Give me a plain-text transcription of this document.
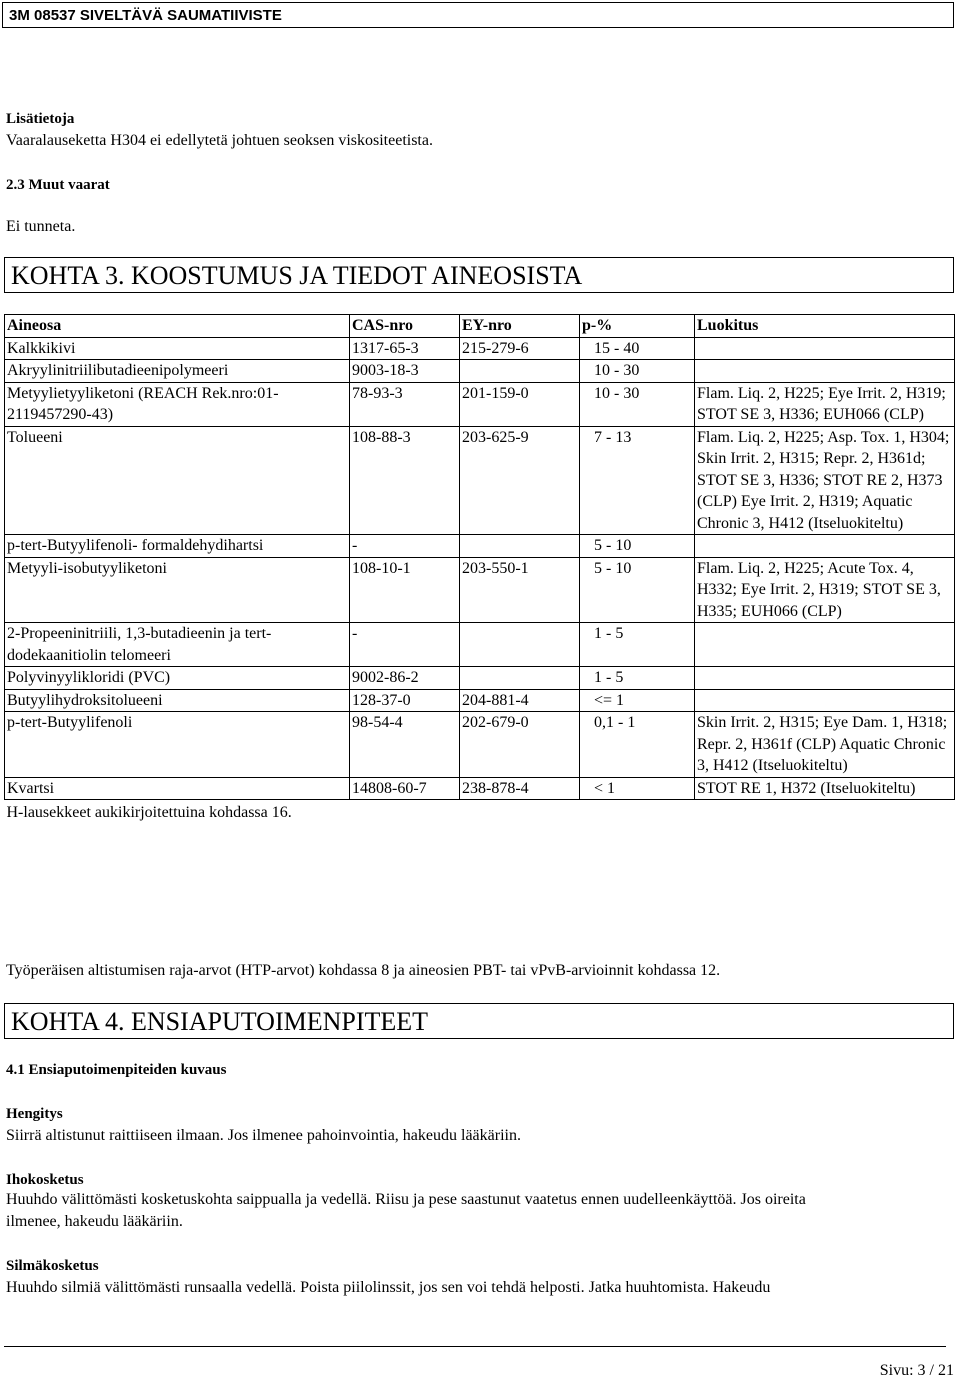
3M 08537 SIVELTÄVÄ SAUMATIIVISTE
Lisätietoja
Vaaralauseketta H304 ei edellytetä johtuen seoksen viskositeetista.
2.3 Muut vaarat
Ei tunneta.
KOHTA 3. KOOSTUMUS JA TIEDOT AINEOSISTA
Aineosa	CAS-nro	EY-nro	p-%	Luokitus
Kalkkikivi	1317-65-3	215-279-6	15 - 40	
Akryylinitriilibutadieenipolymeeri	9003-18-3		10 - 30	
Metyylietyyliketoni (REACH Rek.nro:01-2119457290-43)	78-93-3	201-159-0	10 - 30	Flam. Liq. 2, H225; Eye Irrit. 2, H319; STOT SE 3, H336; EUH066 (CLP)
Tolueeni	108-88-3	203-625-9	7 - 13	Flam. Liq. 2, H225; Asp. Tox. 1, H304; Skin Irrit. 2, H315; Repr. 2, H361d; STOT SE 3, H336; STOT RE 2, H373 (CLP) Eye Irrit. 2, H319; Aquatic Chronic 3, H412 (Itseluokiteltu)
p-tert-Butyylifenoli- formaldehydihartsi	-		5 - 10	
Metyyli-isobutyyliketoni	108-10-1	203-550-1	5 - 10	Flam. Liq. 2, H225; Acute Tox. 4, H332; Eye Irrit. 2, H319; STOT SE 3, H335; EUH066 (CLP)
2-Propeeninitriili, 1,3-butadieenin ja tert-dodekaanitiolin telomeeri	-		1 - 5	
Polyvinyylikloridi (PVC)	9002-86-2		1 - 5	
Butyylihydroksitolueeni	128-37-0	204-881-4	<= 1	
p-tert-Butyylifenoli	98-54-4	202-679-0	0,1 - 1	Skin Irrit. 2, H315; Eye Dam. 1, H318; Repr. 2, H361f (CLP) Aquatic Chronic 3, H412 (Itseluokiteltu)
Kvartsi	14808-60-7	238-878-4	< 1	STOT RE 1, H372 (Itseluokiteltu)
H-lausekkeet aukikirjoitettuina kohdassa 16.				
Työperäisen altistumisen raja-arvot (HTP-arvot) kohdassa 8 ja aineosien PBT- tai vPvB-arvioinnit kohdassa 12.
KOHTA 4. ENSIAPUTOIMENPITEET
4.1 Ensiaputoimenpiteiden kuvaus
Hengitys
Siirrä altistunut raittiiseen ilmaan. Jos ilmenee pahoinvointia, hakeudu lääkäriin.
Ihokosketus
Huuhdo välittömästi kosketuskohta saippualla ja vedellä. Riisu ja pese saastunut vaatetus ennen uudelleenkäyttöä. Jos oireita
ilmenee, hakeudu lääkäriin.
Silmäkosketus
Huuhdo silmiä välittömästi runsaalla vedellä. Poista piilolinssit, jos sen voi tehdä helposti. Jatka huuhtomista. Hakeudu
Sivu: 3 / 21
